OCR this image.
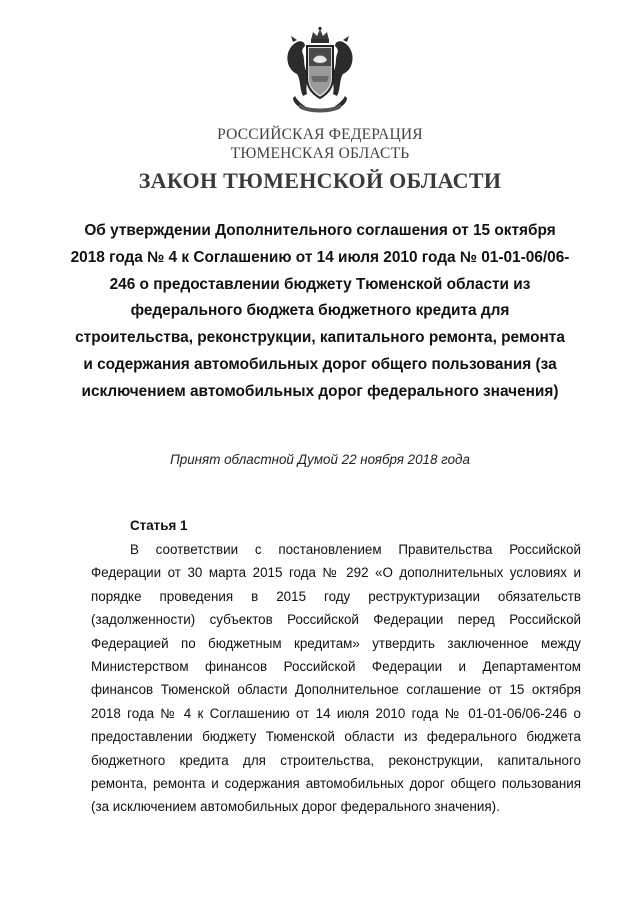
РОССИЙСКАЯ ФЕДЕРАЦИЯ
ТЮМЕНСКАЯ ОБЛАСТЬ
ЗАКОН ТЮМЕНСКОЙ ОБЛАСТИ

Об утверждении Дополнительного соглашения от 15 октября 2018 года № 4 к Соглашению от 14 июля 2010 года № 01-01-06/06-246 о предоставлении бюджету Тюменской области из федерального бюджета бюджетного кредита для строительства, реконструкции, капитального ремонта, ремонта и содержания автомобильных дорог общего пользования (за исключением автомобильных дорог федерального значения)

Принят областной Думой 22 ноября 2018 года
Статья 1

В соответствии с постановлением Правительства Российской Федерации от 30 марта 2015 года № 292 «О дополнительных условиях и порядке проведения в 2015 году реструктуризации обязательств (задолженности) субъектов Российской Федерации перед Российской Федерацией по бюджетным кредитам» утвердить заключенное между Министерством финансов Российской Федерации и Департаментом финансов Тюменской области Дополнительное соглашение от 15 октября 2018 года № 4 к Соглашению от 14 июля 2010 года № 01-01-06/06-246 о предоставлении бюджету Тюменской области из федерального бюджета бюджетного кредита для строительства, реконструкции, капитального ремонта, ремонта и содержания автомобильных дорог общего пользования (за исключением автомобильных дорог федерального значения).
